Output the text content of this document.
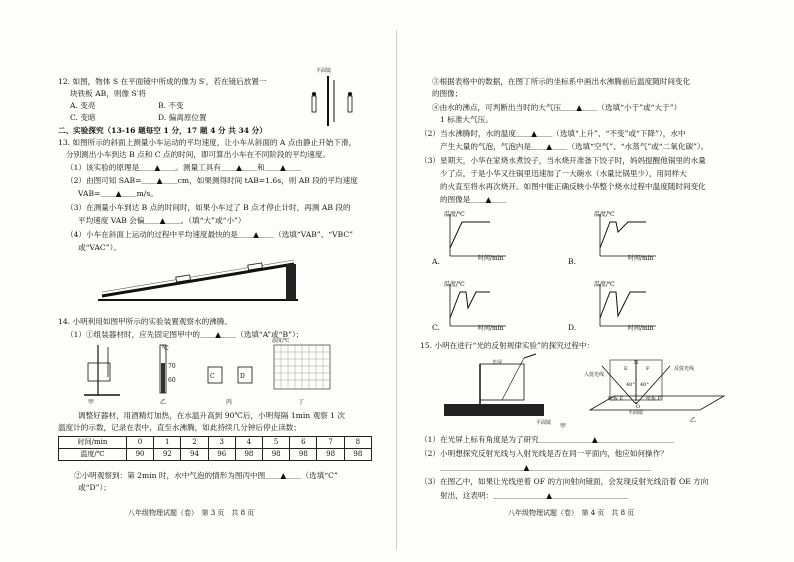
12. 如图，物体 S 在平面镜中所成的像为 S′，若在镜后放置一
块铁板 AB，则像 S′将
A. 变亮	B. 不变
C. 变暗	D. 偏离原位置
平面镜
二、实验探究（13-16 题每空 1 分，17 题 4 分 共 34 分）
13. 如图所示的斜面上测量小车运动的平均速度，让小车从斜面的 A 点由静止开始下滑，
分别测出小车到达 B 点和 C 点的时间，即可算出小车在不同阶段的平均速度。
（1）该实验的原理是＿＿▲＿＿。测量工具有＿＿▲＿＿和＿＿▲＿＿
（2）由图可知 SAB=＿＿▲＿＿cm，如果测得时间 tAB=1.6s，则 AB 段的平均速度
VAB=＿＿▲＿＿m/s。
（3）在测量小车到达 B 点的时间时，如果小车过了 B 点才停止计时，再测 AB 段的
平均速度 VAB 会偏＿＿▲＿＿。（填“大”或“小”）
（4）小车在斜面上运动的过程中平均速度最快的是＿＿▲＿＿（选填“VAB”、“VBC”
或“VAC”）。
14. 小明利用如图甲所示的实验装置观察水的沸腾。
（1）①组装器材时，应先固定图甲中的＿＿▲＿＿（选填“A”或“B”）；
℃
70
60
C	D
温度/℃
甲	乙	丙	丁
调整好器材，用酒精灯加热，在水温升高到 90℃后，小明每隔 1min 观察 1 次
温度计的示数，记录在表中，直至水沸腾，如此持续几分钟后停止读数；
时间/min	0	1	2	3	4	5	6	7	8
温度/℃	90	92	94	96	98	98	98	98	98
②小明观察到：第 2min 时，水中气泡的情形为图丙中图＿＿▲＿＿（选填“C”
或“D”）；
八年级物理试题（卷）　第 3 页　共 8 页
③根据表格中的数据，在图丁所示的坐标系中画出水沸腾前后温度随时间变化
的图像；
④由水的沸点，可判断出当时的大气压＿＿▲＿＿（选填“小于”或“大于”）
1 标准大气压。
（2）当水沸腾时，水的温度＿＿▲＿＿（选填“上升”、“不变”或“下降”），水中
产生大量的气泡，气泡内是＿＿▲＿＿（选填“空气”、“水蒸气”或“二氧化碳”）。
（3）星期天，小华在家烧水煮饺子，当水烧开准备下饺子时，妈妈提醒他锅里的水量
少了点，于是小华又往锅里迅速加了一大碗水（水量比锅里少），用同样大
的火直至将水再次烧开。如图中能正确反映小华整个烧水过程中温度随时间变化
的图像是＿＿▲＿＿
温度/℃
时间/min
A.
温度/℃
时间/min
B.
温度/℃
时间/min
C.
温度/℃
时间/min
D.
15. 小明在进行“光的反射规律实验”的探究过程中：
光屏
平面镜 甲
入射光线
反射光线
E	F
N
40° 40°
O
纸板 E	纸板 F
平面镜
乙
（1）在光屏上标有角度是为了研究＿＿＿＿＿＿＿▲＿＿＿＿＿＿＿＿＿＿
（2）小明想探究反射光线与入射光线是否在同一平面内，他应如何操作？
＿＿＿＿＿＿＿＿＿＿＿▲＿＿＿＿＿＿＿＿＿＿＿＿＿＿＿＿
（3）在图乙中，如果让光线逆着 OF 的方向射向镜面，会发现反射光线沿着 OE 方向
射出，这表明：＿＿＿＿＿＿＿▲＿＿＿＿＿＿＿＿＿＿
八年级物理试题（卷）　第 4 页　共 8 页
